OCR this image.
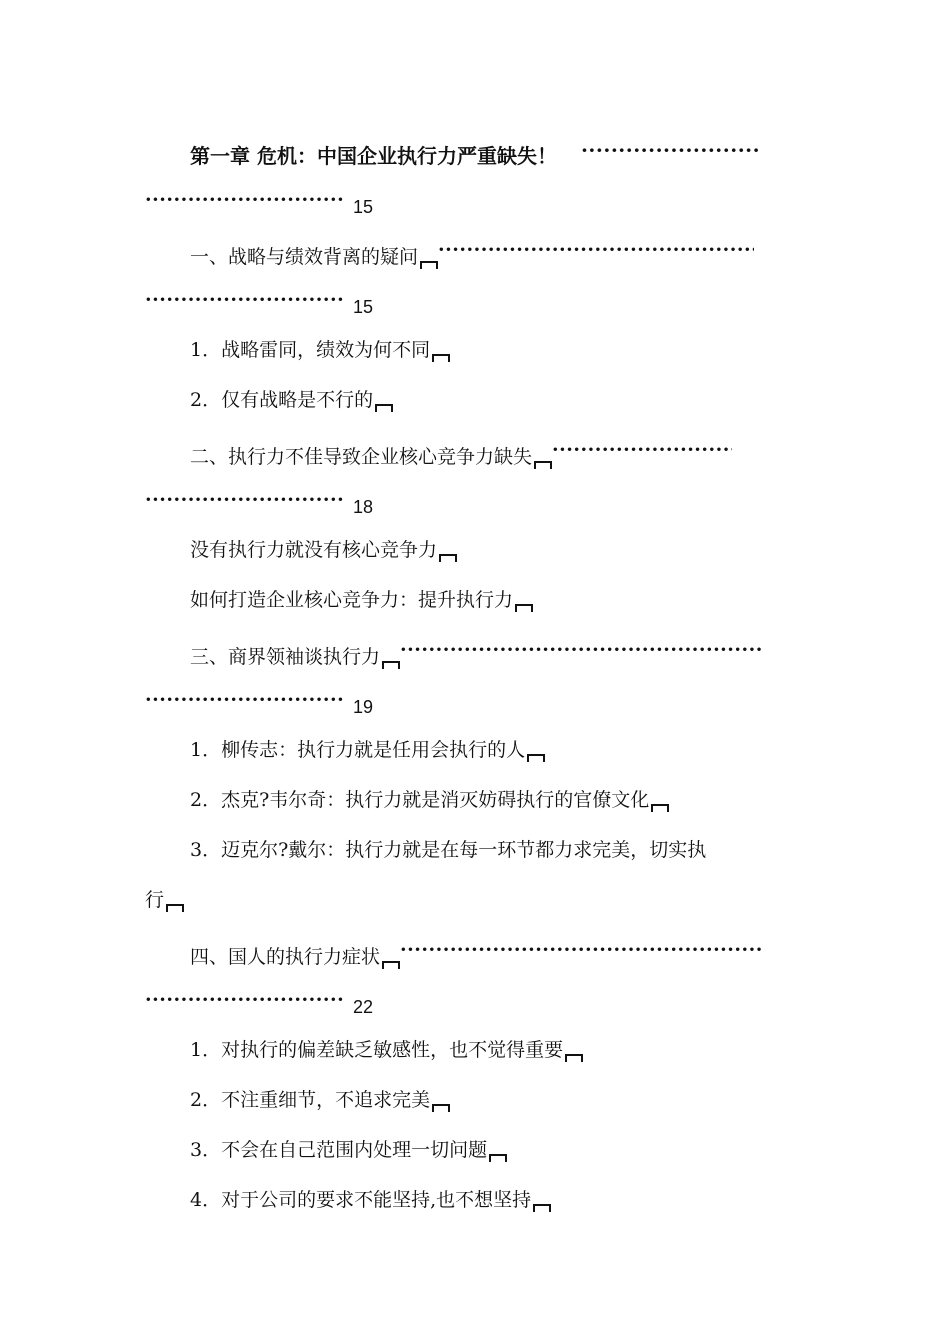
第一章 危机：中国企业执行力严重缺失！·····
·····15
一、战略与绩效背离的疑问·····
·····15
1．战略雷同，绩效为何不同
2．仅有战略是不行的
二、执行力不佳导致企业核心竞争力缺失·····
·····18
没有执行力就没有核心竞争力
如何打造企业核心竞争力：提升执行力
三、商界领袖谈执行力·····
·····19
1．柳传志：执行力就是任用会执行的人
2．杰克?韦尔奇：执行力就是消灭妨碍执行的官僚文化
3．迈克尔?戴尔：执行力就是在每一环节都力求完美，切实执
行
四、国人的执行力症状·····
·····22
1．对执行的偏差缺乏敏感性，也不觉得重要
2．不注重细节，不追求完美
3．不会在自己范围内处理一切问题
4．对于公司的要求不能坚持,也不想坚持
